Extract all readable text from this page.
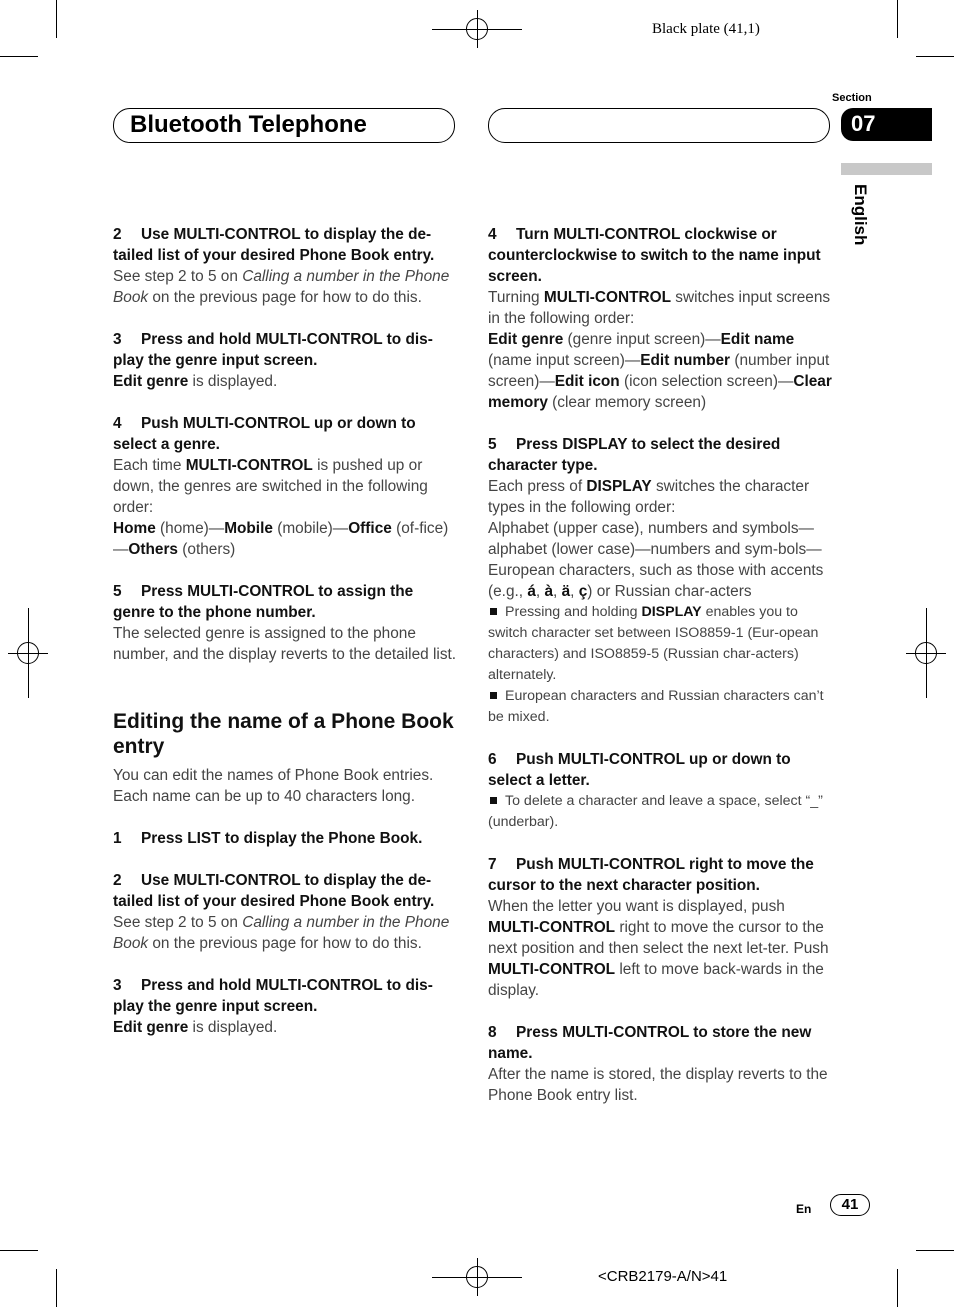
Black plate (41,1)
Bluetooth Telephone
Section
07
English
2 Use MULTI-CONTROL to display the de-tailed list of your desired Phone Book entry.

See step 2 to 5 on Calling a number in the Phone Book on the previous page for how to do this.

3 Press and hold MULTI-CONTROL to dis-play the genre input screen.

Edit genre is displayed.

4 Push MULTI-CONTROL up or down to select a genre.

Each time MULTI-CONTROL is pushed up or down, the genres are switched in the following order:

Home (home)—Mobile (mobile)—Office (of-fice)—Others (others)

5 Press MULTI-CONTROL to assign the genre to the phone number.

The selected genre is assigned to the phone number, and the display reverts to the detailed list.

Editing the name of a Phone Book entry

You can edit the names of Phone Book entries. Each name can be up to 40 characters long.

1 Press LIST to display the Phone Book.
2 Use MULTI-CONTROL to display the de-tailed list of your desired Phone Book entry.

See step 2 to 5 on Calling a number in the Phone Book on the previous page for how to do this.

3 Press and hold MULTI-CONTROL to dis-play the genre input screen.

Edit genre is displayed.

4 Turn MULTI-CONTROL clockwise or counterclockwise to switch to the name input screen.

Turning MULTI-CONTROL switches input screens in the following order:

Edit genre (genre input screen)—Edit name (name input screen)—Edit number (number input screen)—Edit icon (icon selection screen)—Clear memory (clear memory screen)

5 Press DISPLAY to select the desired character type.

Each press of DISPLAY switches the character types in the following order:

Alphabet (upper case), numbers and symbols—alphabet (lower case)—numbers and sym-bols—European characters, such as those with accents (e.g., á, à, ä, ç) or Russian char-acters

Pressing and holding DISPLAY enables you to switch character set between ISO8859-1 (Eur-opean characters) and ISO8859-5 (Russian char-acters) alternately.
European characters and Russian characters can’t be mixed.
6 Push MULTI-CONTROL up or down to select a letter.
To delete a character and leave a space, select “_” (underbar).
7 Push MULTI-CONTROL right to move the cursor to the next character position.

When the letter you want is displayed, push MULTI-CONTROL right to move the cursor to the next position and then select the next let-ter. Push MULTI-CONTROL left to move back-wards in the display.

8 Press MULTI-CONTROL to store the new name.

After the name is stored, the display reverts to the Phone Book entry list.

En	41
<CRB2179-A/N>41
